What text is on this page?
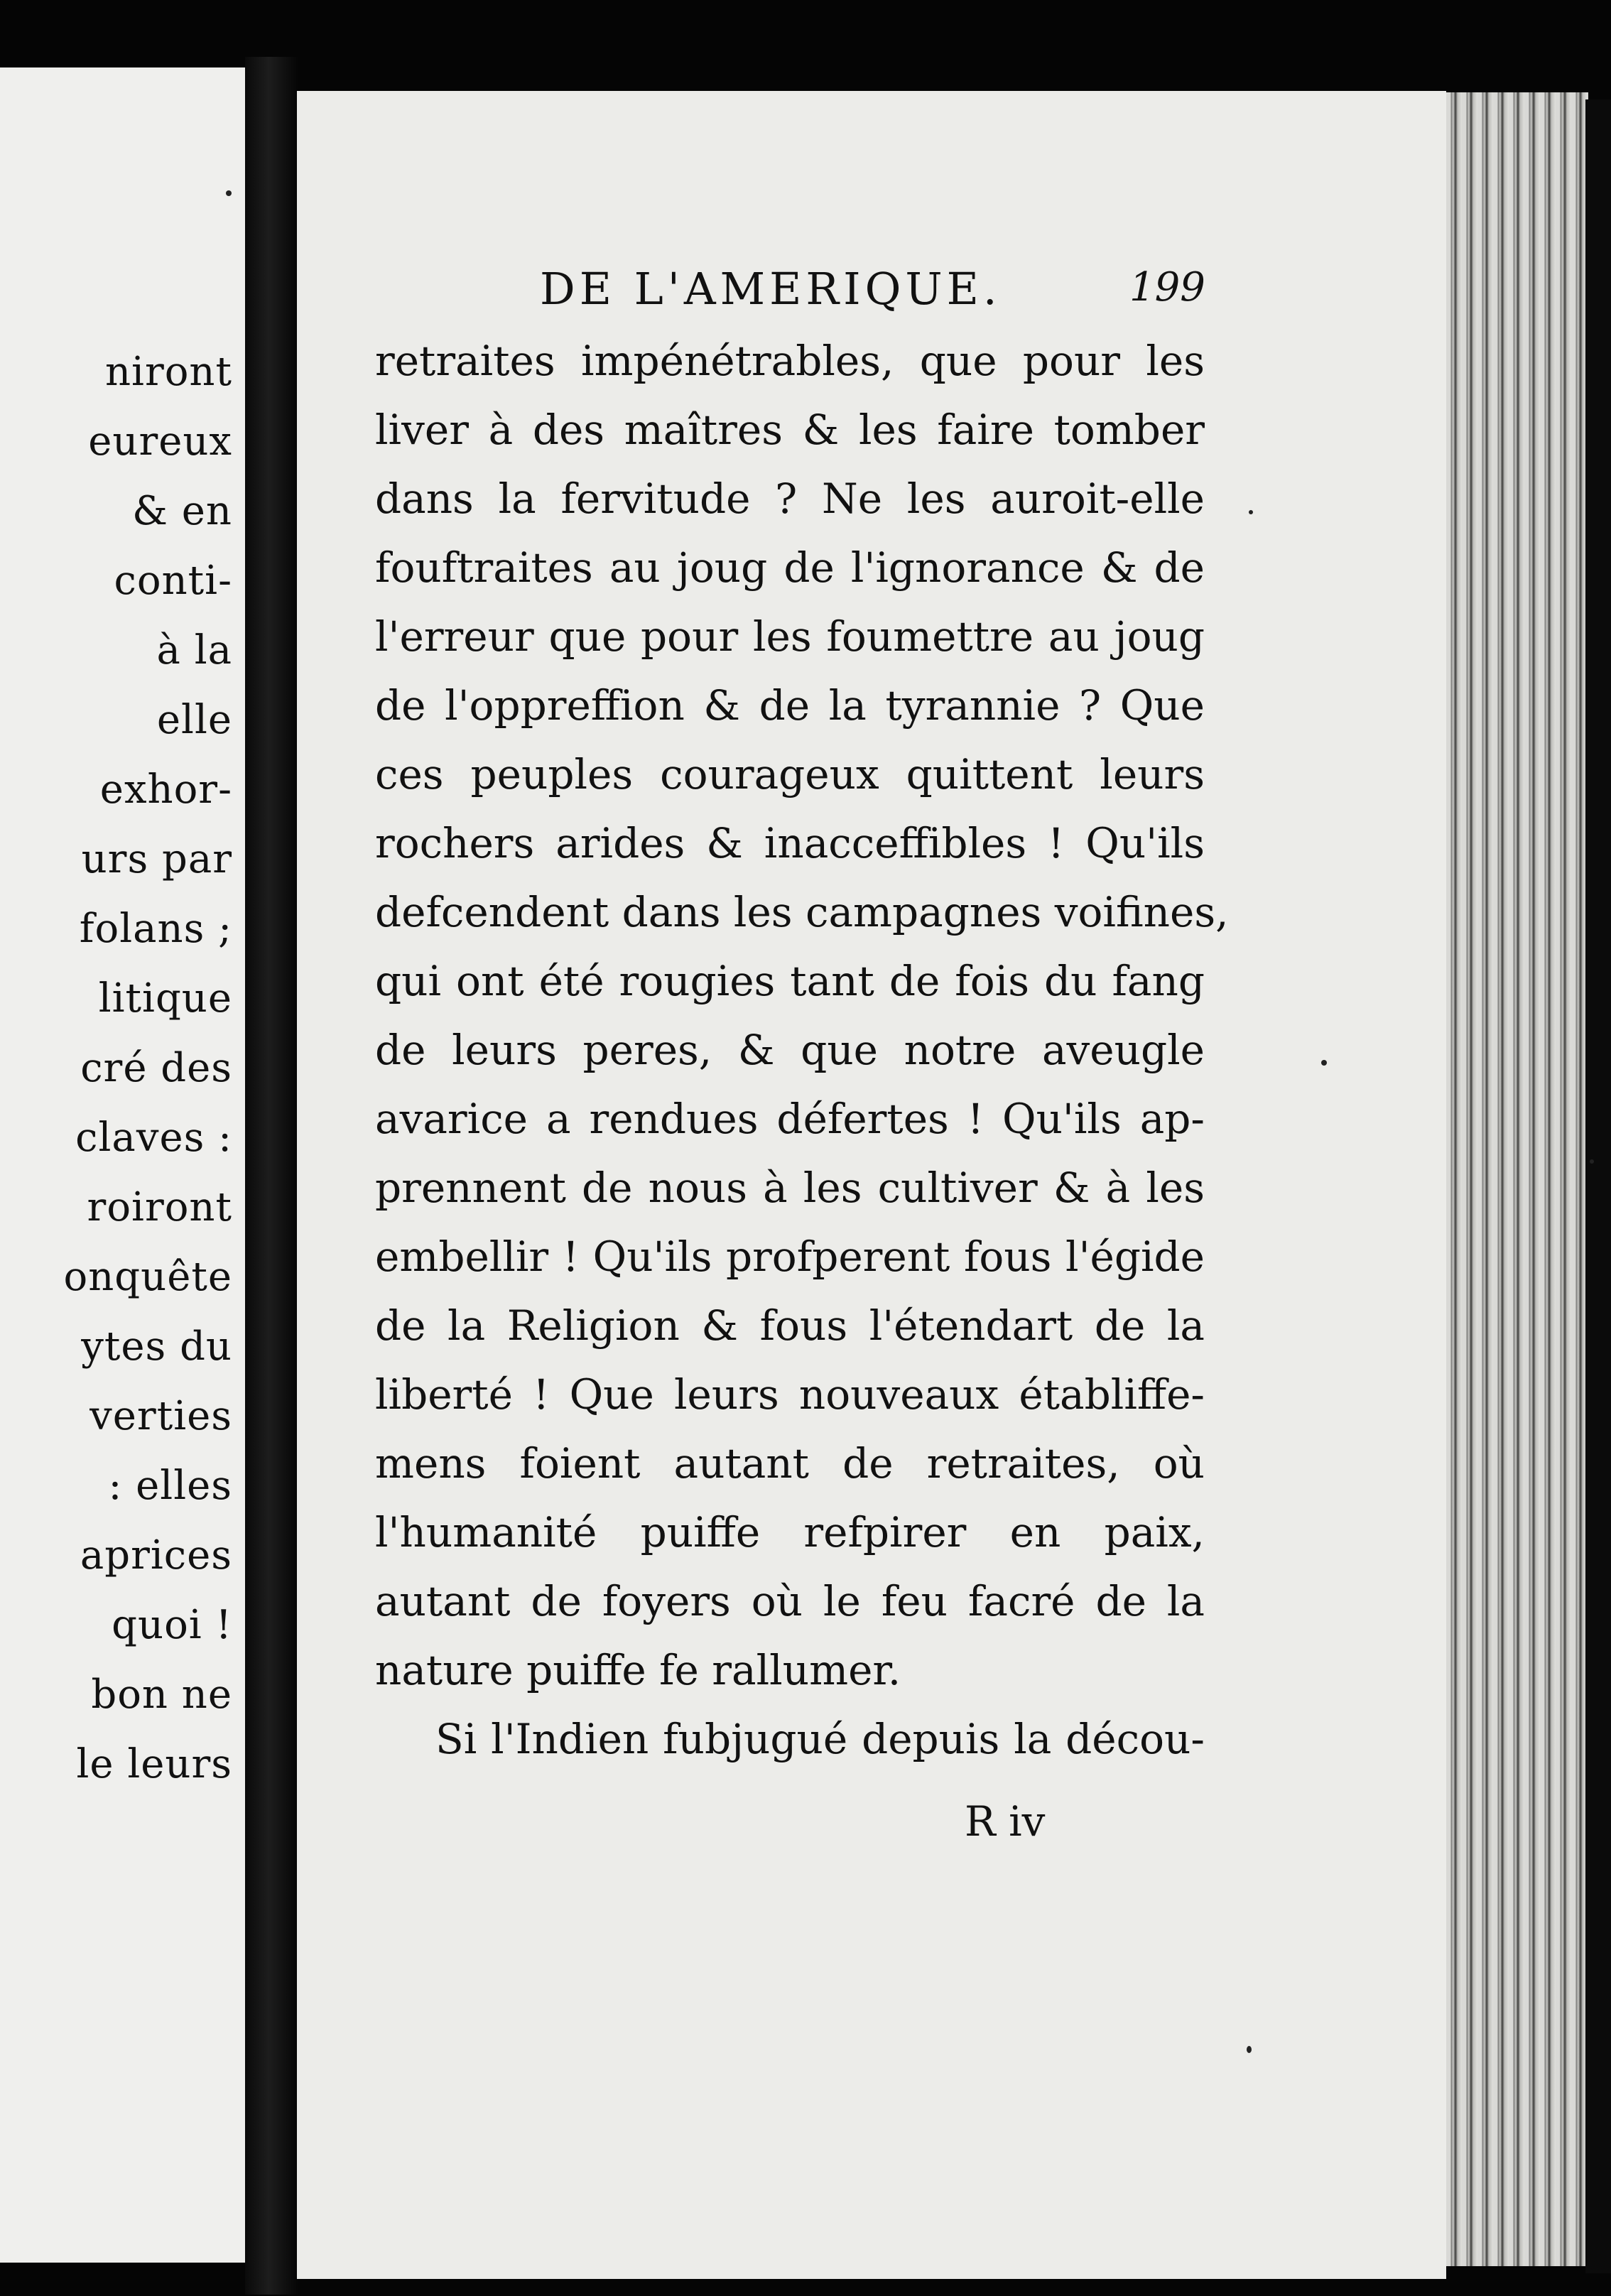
niront
eureux
& en
conti-
à la
elle
exhor-
urs par
folans ;
litique
cré des
claves :
roiront
onquête
ytes du
verties
: elles
aprices
quoi !
bon ne
le leurs
DE L'AMERIQUE.	199
retraites impénétrables, que pour les
liver à des maîtres & les faire tomber
dans la fervitude ? Ne les auroit-elle
fouftraites au joug de l'ignorance & de
l'erreur que pour les foumettre au joug
de l'oppreffion & de la tyrannie ? Que
ces peuples courageux quittent leurs
rochers arides & inacceffibles ! Qu'ils
defcendent dans les campagnes voifines,
qui ont été rougies tant de fois du fang
de leurs peres, & que notre aveugle
avarice a rendues défertes ! Qu'ils ap-
prennent de nous à les cultiver & à les
embellir ! Qu'ils profperent fous l'égide
de la Religion & fous l'étendart de la
liberté ! Que leurs nouveaux établiffe-
mens foient autant de retraites, où
l'humanité puiffe refpirer en paix,
autant de foyers où le feu facré de la
nature puiffe fe rallumer.
Si l'Indien fubjugué depuis la décou-
R iv
